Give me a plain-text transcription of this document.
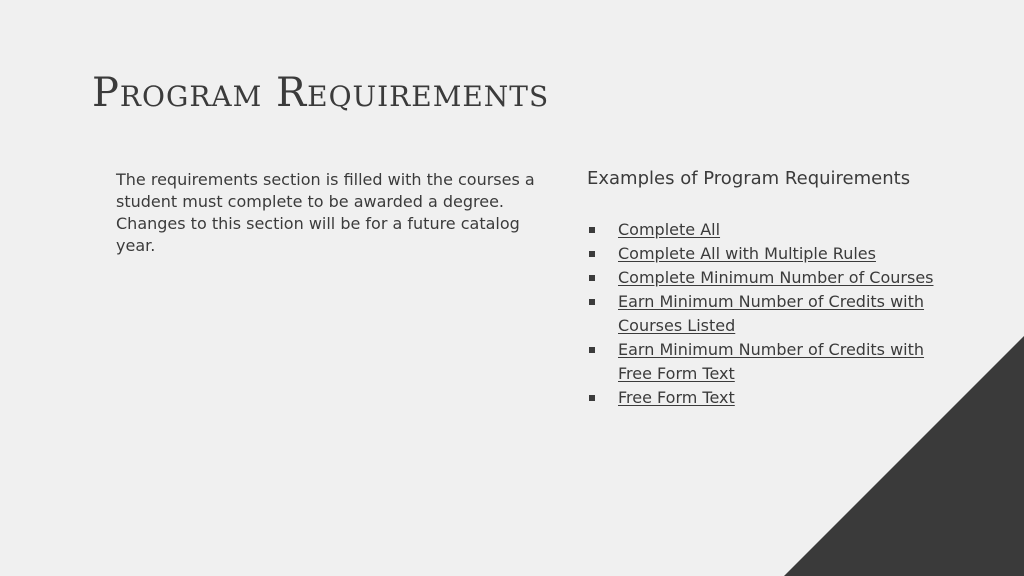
Program Requirements

The requirements section is filled with the courses a student must complete to be awarded a degree. Changes to this section will be for a future catalog year.

Examples of Program Requirements

Complete All
Complete All with Multiple Rules
Complete Minimum Number of Courses
Earn Minimum Number of Credits with Courses Listed
Earn Minimum Number of Credits with Free Form Text
Free Form Text
